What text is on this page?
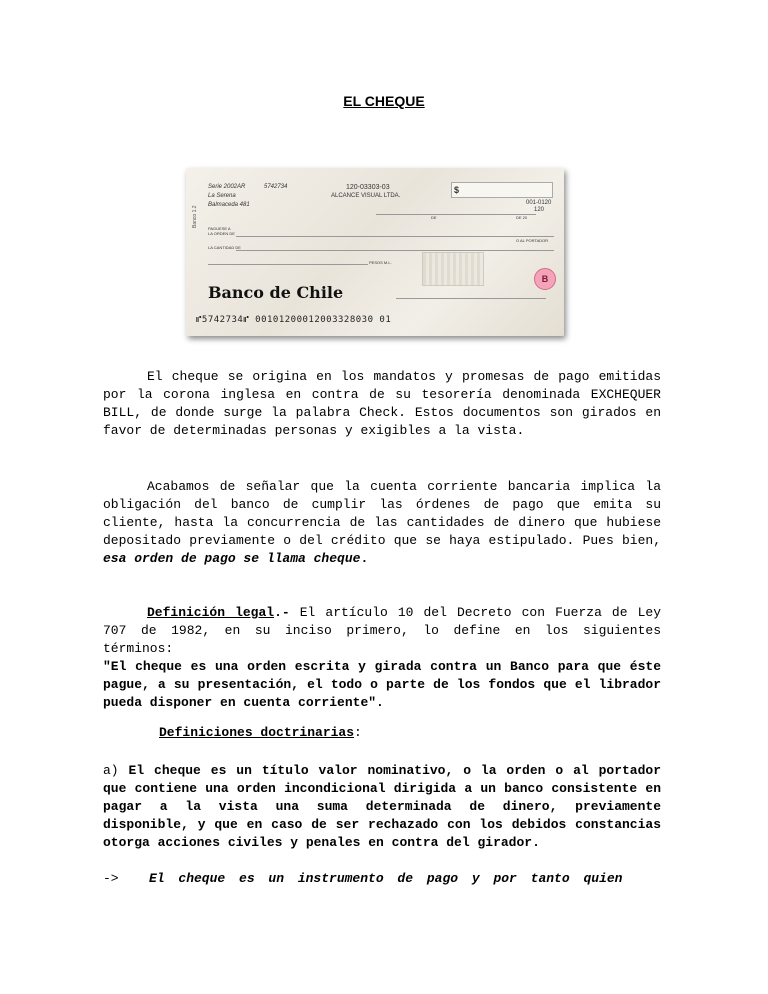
EL CHEQUE
Serie 2002AR	5742734
La Serena
Balmaceda 481
120-03303-03
ALCANCE VISUAL LTDA.
$
001-0120
120
DE	DE 20
PAGUESE A
LA ORDEN DE
O AL PORTADOR
LA CANTIDAD DE
PESOS M.L.
B
Banco de Chile
⑈5742734⑈ 00101200012003328030 01
Banco 1.2
El cheque se origina en los mandatos y promesas de pago emitidas por la corona inglesa en contra de su tesorería denominada EXCHEQUER BILL, de donde surge la palabra Check. Estos documentos son girados en favor de determinadas personas y exigibles a la vista.
Acabamos de señalar que la cuenta corriente bancaria implica la obligación del banco de cumplir las órdenes de pago que emita su cliente, hasta la concurrencia de las cantidades de dinero que hubiese depositado previamente o del crédito que se haya estipulado. Pues bien, esa orden de pago se llama cheque.
Definición legal.- El artículo 10 del Decreto con Fuerza de Ley 707 de 1982, en su inciso primero, lo define en los siguientes términos:
"El cheque es una orden escrita y girada contra un Banco para que éste pague, a su presentación, el todo o parte de los fondos que el librador pueda disponer en cuenta corriente".
Definiciones doctrinarias:
a) El cheque es un título valor nominativo, o la orden o al portador que contiene una orden incondicional dirigida a un banco consistente en pagar a la vista una suma determinada de dinero, previamente disponible, y que en caso de ser rechazado con los debidos constancias otorga acciones civiles y penales en contra del girador.
-> El cheque es un instrumento de pago y por tanto quien
